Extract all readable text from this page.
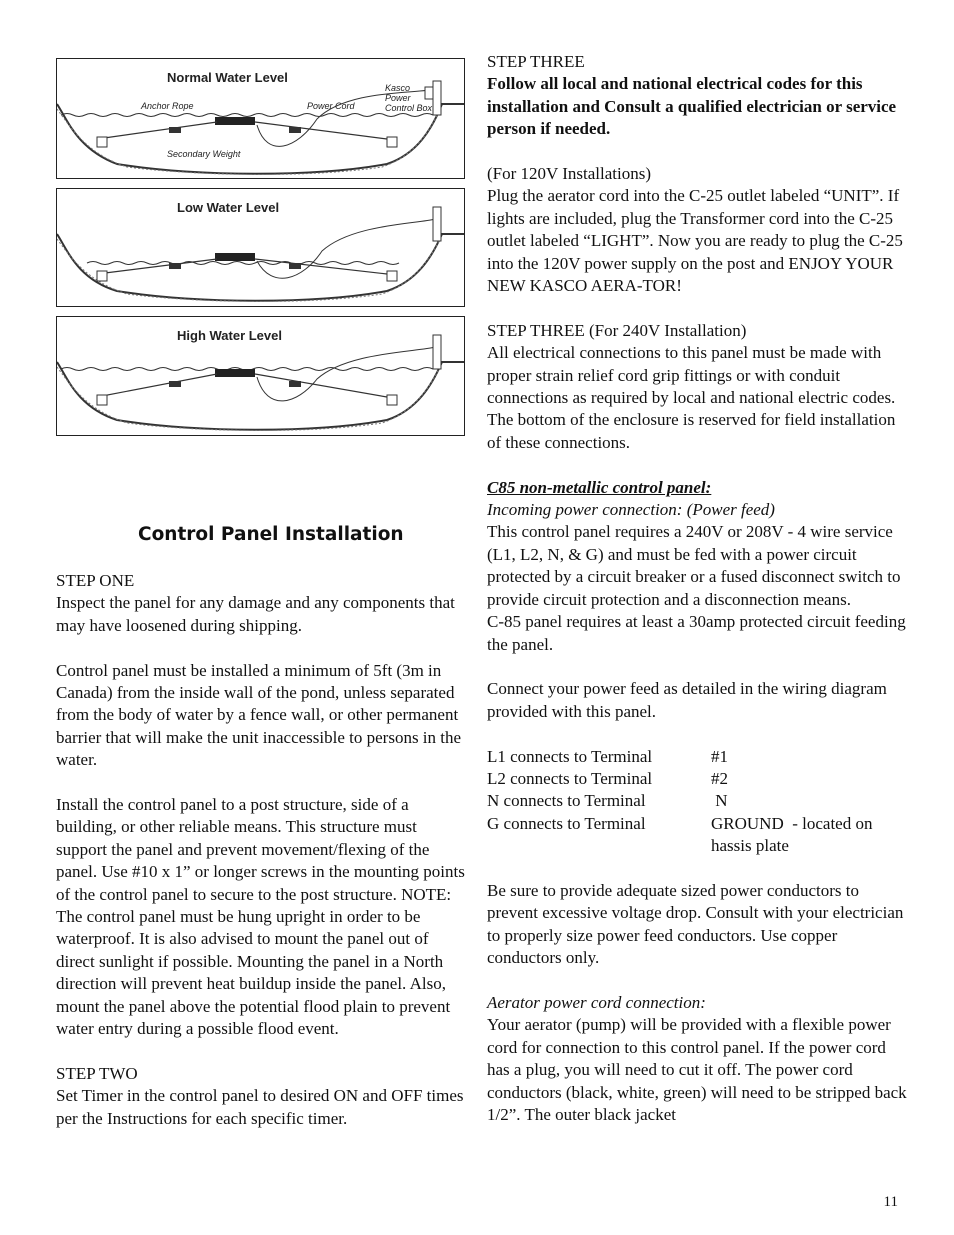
Normal Water Level
Anchor Rope	Power Cord
Kasco Power Control Box
Secondary Weight
Low Water Level
High Water Level
Control Panel Installation

STEP ONE

Inspect the panel for any damage and any components that may have loosened during shipping.

Control panel must be installed a minimum of 5ft (3m in Canada) from the inside wall of the pond, unless separated from the body of water by a fence wall, or other permanent barrier that will make the unit inaccessible to persons in the water.

Install the control panel to a post structure, side of a building, or other reliable means. This structure must support the panel and prevent movement/flexing of the panel. Use #10 x 1” or longer screws in the mounting points of the control panel to secure to the post structure. NOTE: The control panel must be hung upright in order to be waterproof. It is also advised to mount the panel out of direct sunlight if possible. Mounting the panel in a North direction will prevent heat buildup inside the panel. Also, mount the panel above the potential flood plain to prevent water entry during a possible flood event.

STEP TWO

Set Timer in the control panel to desired ON and OFF times per the Instructions for each specific timer.

STEP THREE

Follow all local and national electrical codes for this installation and Consult a qualified electrician or service person if needed.

(For 120V Installations)

Plug the aerator cord into the C-25 outlet labeled “UNIT”. If lights are included, plug the Transformer cord into the C-25 outlet labeled “LIGHT”. Now you are ready to plug the C-25 into the 120V power supply on the post and ENJOY YOUR NEW KASCO AERA-TOR!

STEP THREE (For 240V Installation)

All electrical connections to this panel must be made with proper strain relief cord grip fittings or with conduit connections as required by local and national electric codes. The bottom of the enclosure is reserved for field installation of these connections.

C85 non-metallic control panel:

Incoming power connection: (Power feed)

This control panel requires a 240V or 208V - 4 wire service (L1, L2, N, & G) and must be fed with a power circuit protected by a circuit breaker or a fused disconnect switch to provide circuit protection and a disconnection means.

C-85 panel requires at least a 30amp protected circuit feeding the panel.

Connect your power feed as detailed in the wiring diagram provided with this panel.

L1 connects to Terminal	#1
L2 connects to Terminal	#2
N connects to Terminal	N
G connects to Terminal	GROUND  - located on hassis plate

Be sure to provide adequate sized power conductors to prevent excessive voltage drop. Consult with your electrician to properly size power feed conductors. Use copper conductors only.

Aerator power cord connection:

Your aerator (pump) will be provided with a flexible power cord for connection to this control panel. If the power cord has a plug, you will need to cut it off. The power cord conductors (black, white, green) will need to be stripped back 1/2”. The outer black jacket

11
